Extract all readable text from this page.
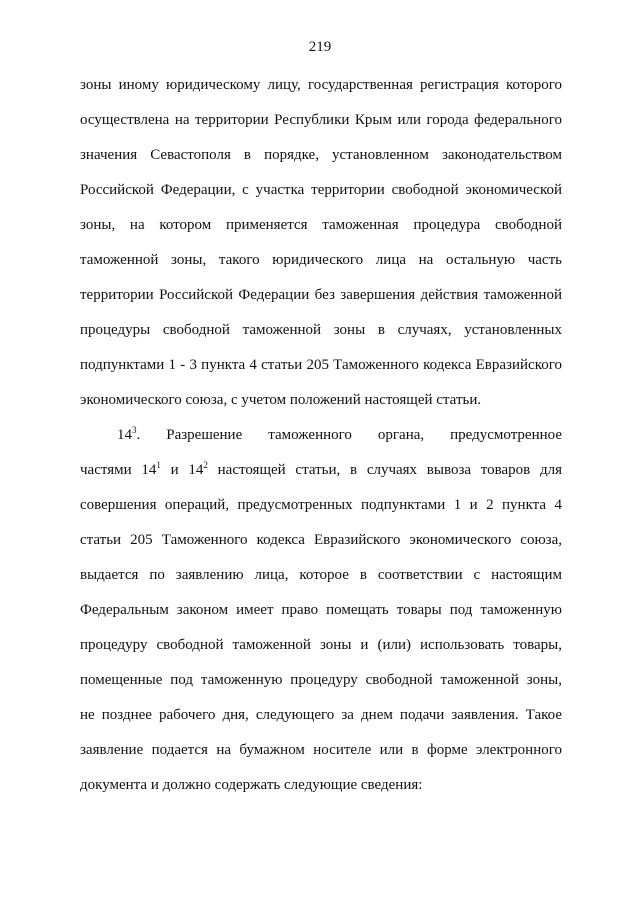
219
зоны иному юридическому лицу, государственная регистрация которого
осуществлена на территории Республики Крым или города федерального
значения Севастополя в порядке, установленном законодательством
Российской Федерации, с участка территории свободной экономической
зоны, на котором применяется таможенная процедура свободной
таможенной зоны, такого юридического лица на остальную часть
территории Российской Федерации без завершения действия таможенной
процедуры свободной таможенной зоны в случаях, установленных
подпунктами 1 - 3 пункта 4 статьи 205 Таможенного кодекса Евразийского
экономического союза, с учетом положений настоящей статьи.
$14^3$. Разрешение таможенного органа, предусмотренное
частями $14^1$ и $14^2$ настоящей статьи, в случаях вывоза товаров для
совершения операций, предусмотренных подпунктами 1 и 2 пункта 4
статьи 205 Таможенного кодекса Евразийского экономического союза,
выдается по заявлению лица, которое в соответствии с настоящим
Федеральным законом имеет право помещать товары под таможенную
процедуру свободной таможенной зоны и (или) использовать товары,
помещенные под таможенную процедуру свободной таможенной зоны,
не позднее рабочего дня, следующего за днем подачи заявления. Такое
заявление подается на бумажном носителе или в форме электронного
документа и должно содержать следующие сведения:
